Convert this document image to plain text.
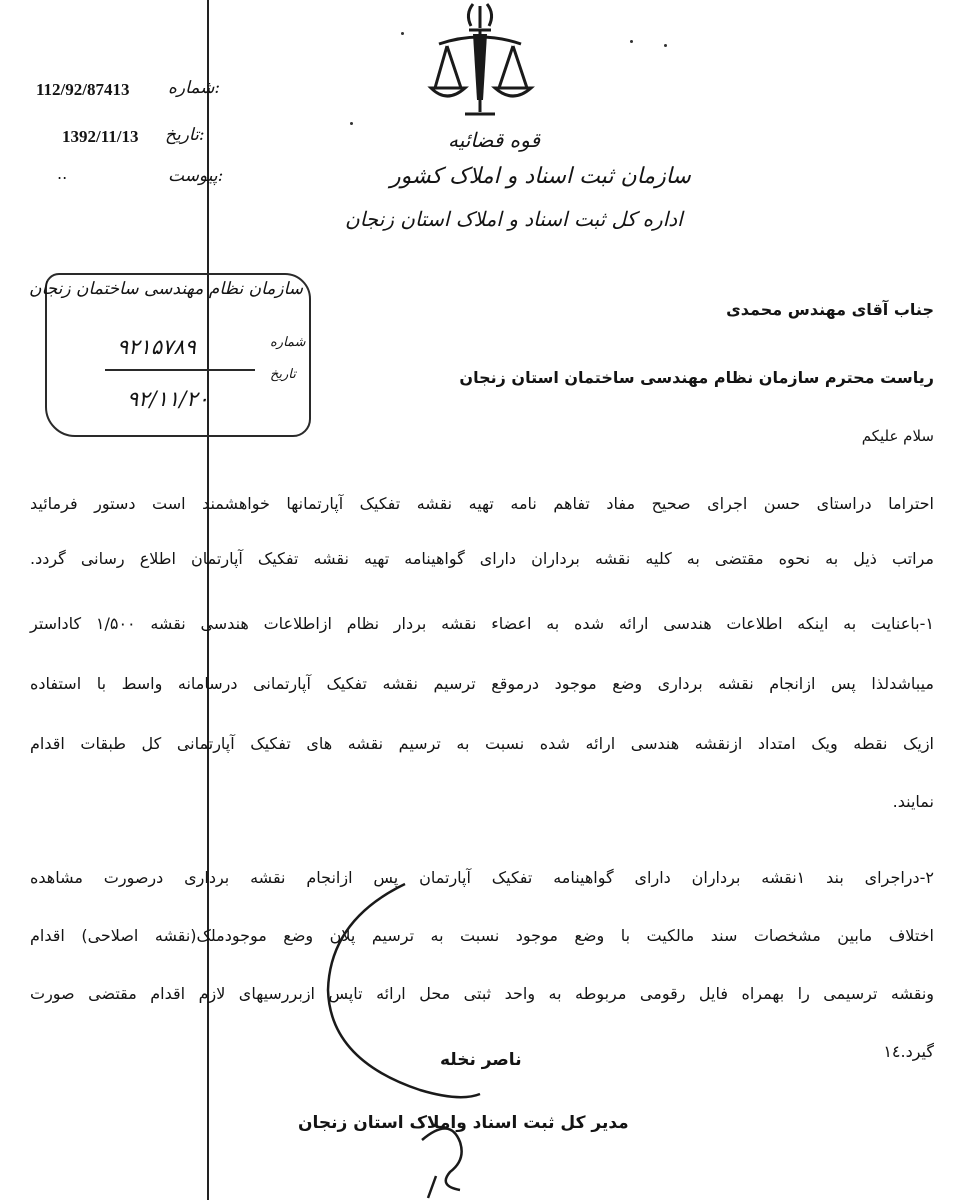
112/92/87413 شماره:
1392/11/13 تاریخ:
..	پیوست:
قوه قضائیه
سازمان ثبت اسناد و املاک کشور
اداره کل ثبت اسناد و املاک استان زنجان
سازمان نظام مهندسی ساختمان زنجان
شماره
۹۲۱۵۷۸۹
تاریخ
۹۲/۱۱/۲۰
جناب آقای مهندس محمدی
ریاست محترم سازمان نظام مهندسی ساختمان استان زنجان
سلام علیکم
احتراما دراستای حسن اجرای صحیح مفاد تفاهم نامه تهیه نقشه تفکیک آپارتمانها خواهشمند است دستور فرمائید
مراتب ذیل به نحوه مقتضی به کلیه نقشه برداران دارای گواهینامه تهیه نقشه تفکیک آپارتمان اطلاع رسانی گردد.
۱-باعنایت به اینکه اطلاعات هندسی ارائه شده به اعضاء نقشه بردار نظام ازاطلاعات هندسی نقشه ۱/۵۰۰ کاداستر
میباشدلذا پس ازانجام نقشه برداری وضع موجود درموقع ترسیم نقشه تفکیک آپارتمانی درسامانه واسط با استفاده
ازیک نقطه ویک امتداد ازنقشه هندسی ارائه شده نسبت به ترسیم نقشه های تفکیک آپارتمانی کل طبقات اقدام
نمایند.
۲-دراجرای بند ۱نقشه برداران دارای گواهینامه تفکیک آپارتمان پس ازانجام نقشه برداری درصورت مشاهده
اختلاف مابین مشخصات سند مالکیت با وضع موجود نسبت به ترسیم پلان وضع موجودملک(نقشه اصلاحی) اقدام
ونقشه ترسیمی را بهمراه فایل رقومی مربوطه به واحد ثبتی محل ارائه تاپس ازبررسیهای لازم اقدام مقتضی صورت
گیرد.۱٤
ناصر نخله
مدیر کل ثبت اسناد واملاک استان زنجان
